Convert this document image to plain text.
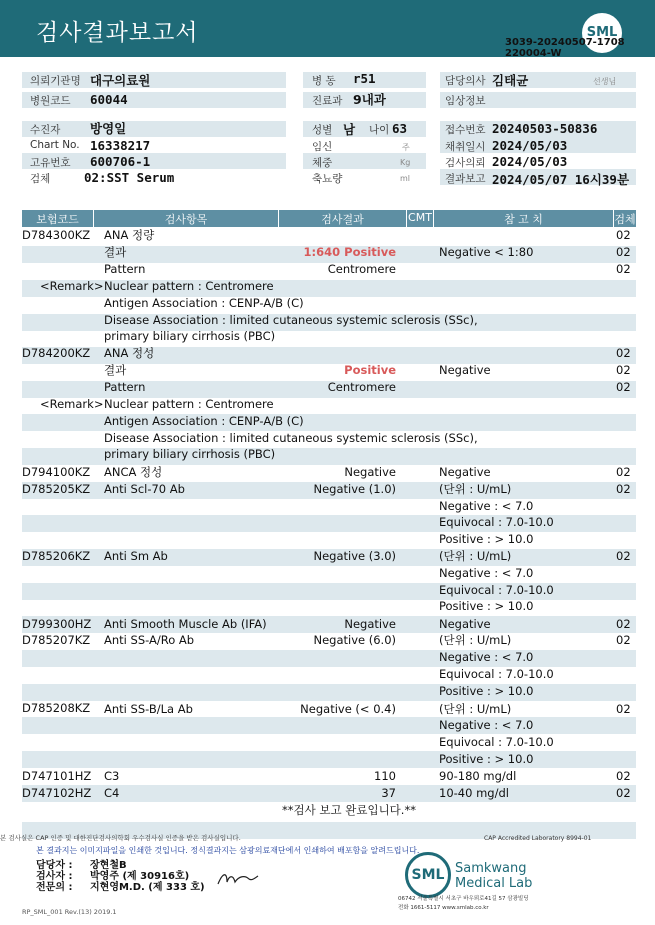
검사결과보고서	SML
3039-20240507-1708
220004-W
의뢰기관명 대구의료원
병원코드 60044
병 동 r51
진료과 9내과
담당의사 김태균	선생님
임상정보
수진자 방영일
Chart No. 16338217
고유번호 600706-1
검체	02:SST Serum
성별 남 나이 63
임신	주
체중	Kg
축뇨량	ml
접수번호 20240503-50836
채취일시 2024/05/03
검사의뢰 2024/05/03
결과보고 2024/05/07 16시39분
보험코드	검사항목	검사결과	CMT	참 고 치	검체
D784300KZ ANA 정량	02
결과	1:640 Positive	Negative < 1:80	02
Pattern	Centromere	02
<Remark> Nuclear pattern : Centromere
Antigen Association : CENP-A/B (C)
Disease Association : limited cutaneous systemic sclerosis (SSc),
primary biliary cirrhosis (PBC)
D784200KZ ANA 정성	02
결과	Positive	Negative	02
Pattern	Centromere	02
<Remark> Nuclear pattern : Centromere
Antigen Association : CENP-A/B (C)
Disease Association : limited cutaneous systemic sclerosis (SSc),
primary biliary cirrhosis (PBC)
D794100KZ ANCA 정성	Negative	Negative	02
D785205KZ Anti Scl-70 Ab	Negative (1.0)	(단위 : U/mL)	02
Negative : < 7.0
Equivocal : 7.0-10.0
Positive : > 10.0
D785206KZ Anti Sm Ab	Negative (3.0)	(단위 : U/mL)	02
Negative : < 7.0
Equivocal : 7.0-10.0
Positive : > 10.0
D799300HZ Anti Smooth Muscle Ab (IFA)	Negative	Negative	02
D785207KZ Anti SS-A/Ro Ab	Negative (6.0)	(단위 : U/mL)	02
Negative : < 7.0
Equivocal : 7.0-10.0
Positive : > 10.0
D785208KZ Anti SS-B/La Ab	Negative (< 0.4)	(단위 : U/mL)	02
Negative : < 7.0
Equivocal : 7.0-10.0
Positive : > 10.0
D747101HZ C3	110	90-180 mg/dl	02
D747102HZ C4	37	10-40 mg/dl	02
**검사 보고 완료입니다.**
본 검사실은 CAP 인증 및 대한진단검사의학회 우수검사실 인증을 받은 검사실입니다.	CAP Accredited Laboratory 8994-01
본 결과지는 이미지파일을 인쇄한 것입니다. 정식결과지는 삼광의료재단에서 인쇄하여 배포함을 알려드립니다.
담당자 : 장현철B
검사자 : 박영주 (제 30916호)
전문의 : 지현영M.D. (제 333 호)
SML Samkwang
Medical Lab
06742 서울특별시 서초구 바우뫼로41길 57 삼광빌딩
전화 1661-5117 www.smlab.co.kr
RP_SML_001 Rev.(13) 2019.1
